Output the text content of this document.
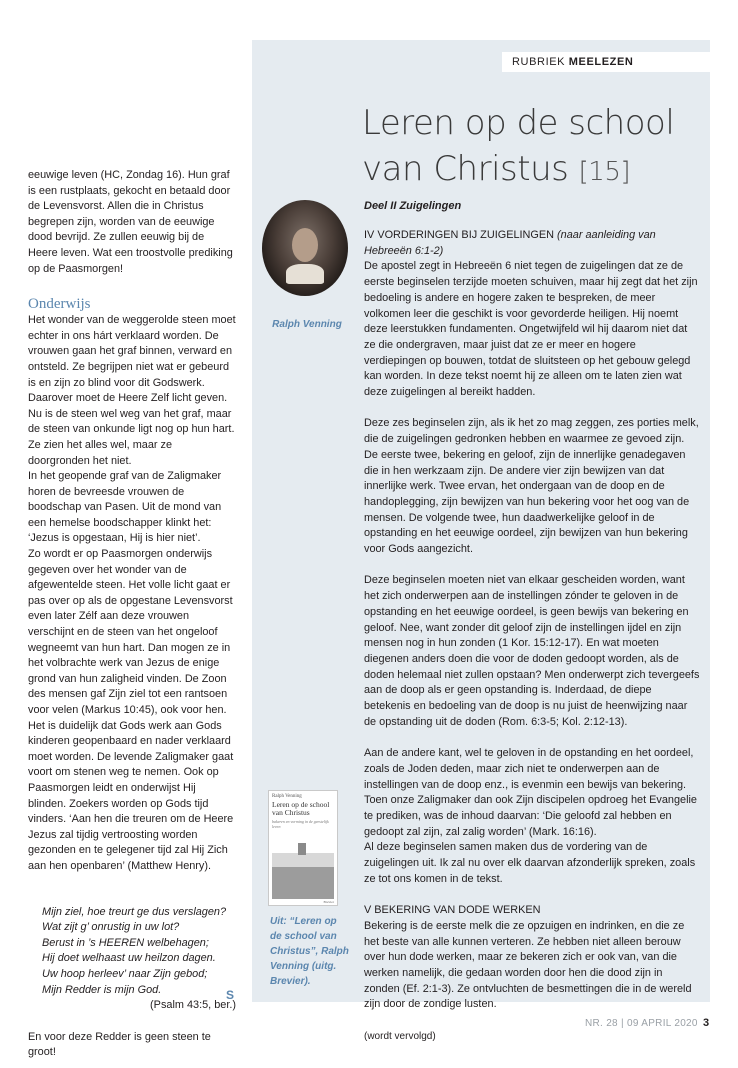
RUBRIEK MEELEZEN
Leren op de school
van Christus [15]
Deel II Zuigelingen

eeuwige leven (HC, Zondag 16). Hun graf is een rustplaats, gekocht en betaald door de Levensvorst. Allen die in Christus begrepen zijn, worden van de eeuwige dood bevrijd. Ze zullen eeuwig bij de Heere leven. Wat een troostvolle prediking op de Paasmorgen!

Onderwijs

Het wonder van de weggerolde steen moet echter in ons hárt verklaard worden. De vrouwen gaan het graf binnen, verward en ontsteld. Ze begrijpen niet wat er gebeurd is en zijn zo blind voor dit Godswerk. Daarover moet de Heere Zelf licht geven. Nu is de steen wel weg van het graf, maar de steen van onkunde ligt nog op hun hart. Ze zien het alles wel, maar ze doorgronden het niet.

In het geopende graf van de Zaligmaker horen de bevreesde vrouwen de boodschap van Pasen. Uit de mond van een hemelse boodschapper klinkt het: ‘Jezus is opgestaan, Hij is hier niet’.

Zo wordt er op Paasmorgen onderwijs gegeven over het wonder van de afgewentelde steen. Het volle licht gaat er pas over op als de opgestane Levensvorst even later Zélf aan deze vrouwen verschijnt en de steen van het ongeloof wegneemt van hun hart. Dan mogen ze in het volbrachte werk van Jezus de enige grond van hun zaligheid vinden. De Zoon des mensen gaf Zijn ziel tot een rantsoen voor velen (Markus 10:45), ook voor hen.

Het is duidelijk dat Gods werk aan Gods kinderen geopenbaard en nader verklaard moet worden. De levende Zaligmaker gaat voort om stenen weg te nemen. Ook op Paasmorgen leidt en onderwijst Hij blinden. Zoekers worden op Gods tijd vinders. ‘Aan hen die treuren om de Heere Jezus zal tijdig vertroosting worden gezonden en te gelegener tijd zal Hij Zich aan hen openbaren’ (Matthew Henry).

Mijn ziel, hoe treurt ge dus verslagen?
Wat zijt g’ onrustig in uw lot?
Berust in ’s HEEREN welbehagen;
Hij doet welhaast uw heilzon dagen.
Uw hoop herleev’ naar Zijn gebod;
Mijn Redder is mijn God.
(Psalm 43:5, ber.)

En voor deze Redder is geen steen te groot!

S
Ralph Venning

IV VORDERINGEN BIJ ZUIGELINGEN (naar aanleiding van Hebreeën 6:1-2)

De apostel zegt in Hebreeën 6 niet tegen de zuigelingen dat ze de eerste beginselen terzijde moeten schuiven, maar hij zegt dat het zijn bedoeling is andere en hogere zaken te bespreken, de meer volkomen leer die geschikt is voor gevorderde heiligen. Hij noemt deze leerstukken fundamenten. Ongetwijfeld wil hij daarom niet dat ze die ondergraven, maar juist dat ze er meer en hogere verdiepingen op bouwen, totdat de sluitsteen op het gebouw gelegd kan worden. In deze tekst noemt hij ze alleen om te laten zien wat deze zuigelingen al bereikt hadden.

Deze zes beginselen zijn, als ik het zo mag zeggen, zes porties melk, die de zuigelingen gedronken hebben en waarmee ze gevoed zijn. De eerste twee, bekering en geloof, zijn de innerlijke genadegaven die in hen werkzaam zijn. De andere vier zijn bewijzen van dat innerlijke werk. Twee ervan, het ondergaan van de doop en de handoplegging, zijn bewijzen van hun bekering voor het oog van de mensen. De volgende twee, hun daadwerkelijke geloof in de opstanding en het eeuwige oordeel, zijn bewijzen van hun bekering voor Gods aangezicht.

Deze beginselen moeten niet van elkaar gescheiden worden, want het zich onderwerpen aan de instellingen zónder te geloven in de opstanding en het eeuwige oordeel, is geen bewijs van bekering en geloof. Nee, want zonder dit geloof zijn de instellingen ijdel en zijn mensen nog in hun zonden (1 Kor. 15:12-17). En wat moeten diegenen anders doen die voor de doden gedoopt worden, als de doden helemaal niet zullen opstaan? Men onderwerpt zich tevergeefs aan de doop als er geen opstanding is. Inderdaad, de diepe betekenis en bedoeling van de doop is nu juist de heenwijzing naar de opstanding uit de doden (Rom. 6:3-5; Kol. 2:12-13).

Aan de andere kant, wel te geloven in de opstanding en het oordeel, zoals de Joden deden, maar zich niet te onderwerpen aan de instellingen van de doop enz., is evenmin een bewijs van bekering. Toen onze Zaligmaker dan ook Zijn discipelen opdroeg het Evangelie te prediken, was de inhoud daarvan: ‘Die geloofd zal hebben en gedoopt zal zijn, zal zalig worden’ (Mark. 16:16).

Al deze beginselen samen maken dus de vordering van de zuigelingen uit. Ik zal nu over elk daarvan afzonderlijk spreken, zoals ze tot ons komen in de tekst.

V BEKERING VAN DODE WERKEN

Bekering is de eerste melk die ze opzuigen en indrinken, en die ze het beste van alle kunnen verteren. Ze hebben niet alleen berouw over hun dode werken, maar ze bekeren zich er ook van, van die werken namelijk, die gedaan worden door hen die dood zijn in zonden (Ef. 2:1-3). Ze ontvluchten de besmettingen die in de wereld zijn door de zondige lusten.

(wordt vervolgd)

Ralph Venning
Leren op de school van Christus
bakeren en vorming in de geestelijk leven
Brevier
Uit: “Leren op de school van Christus”, Ralph Venning (uitg. Brevier).
NR. 28 | 09 APRIL 2020 3
